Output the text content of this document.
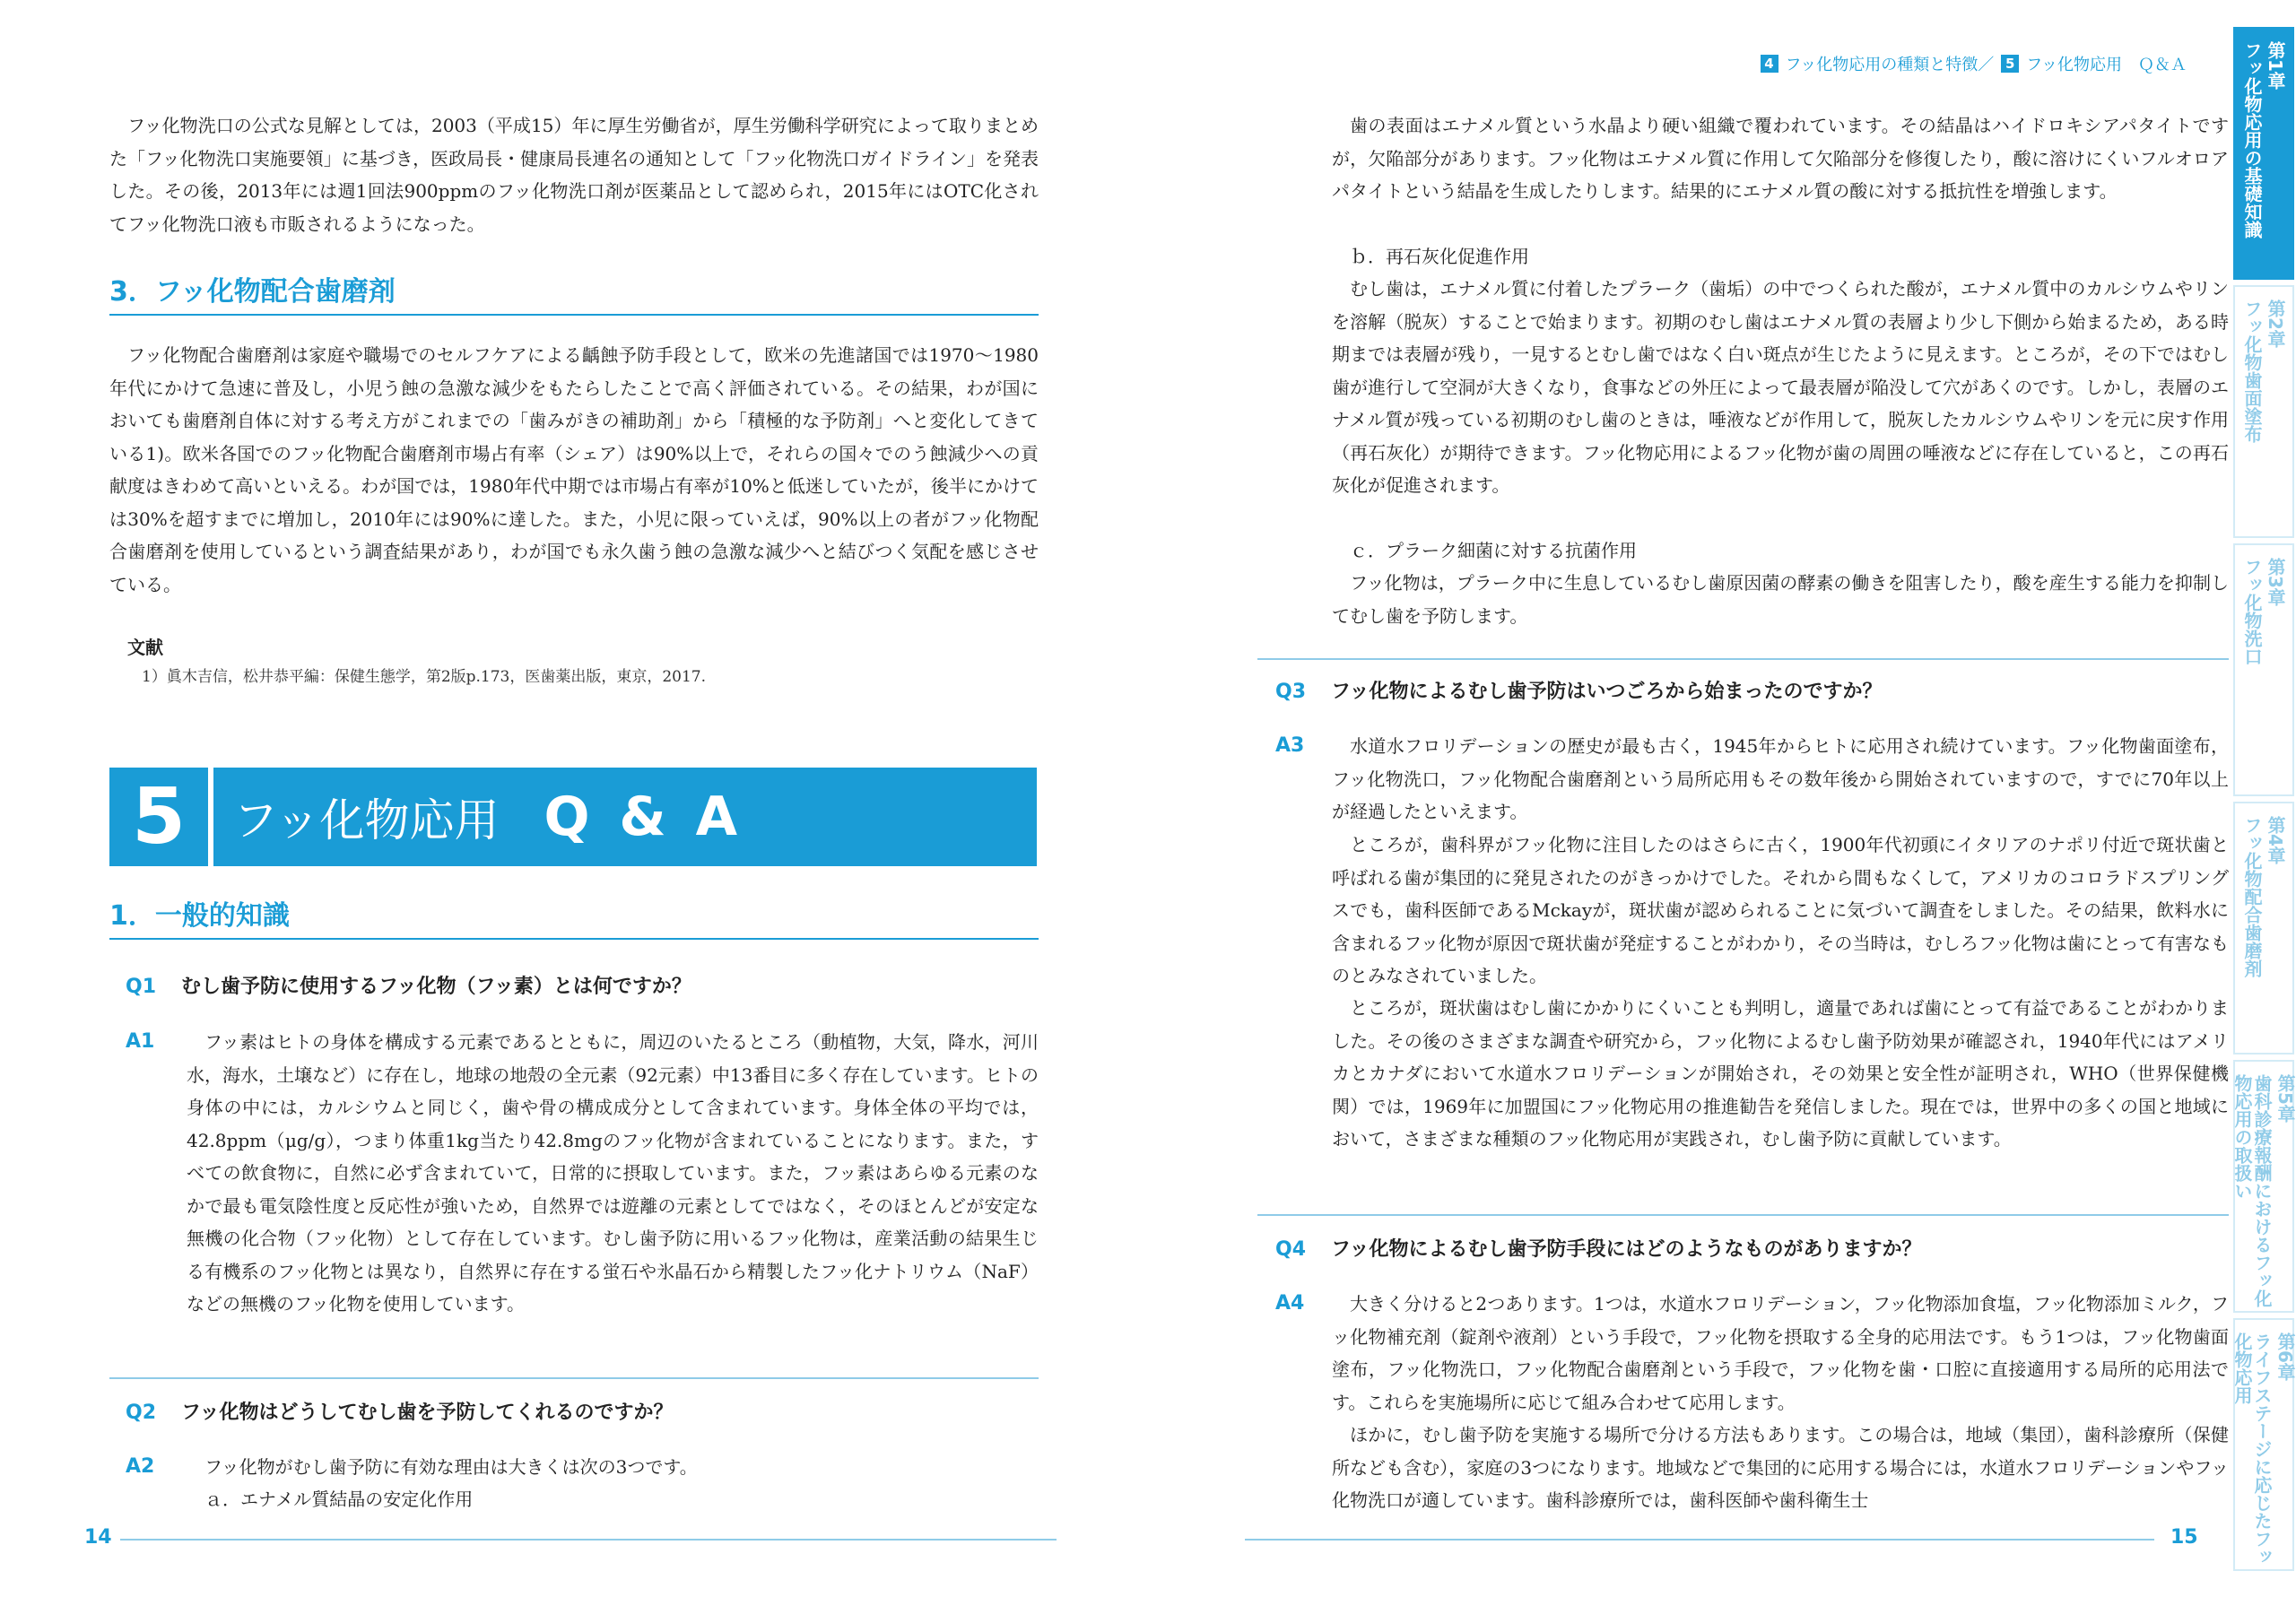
フッ化物洗口の公式な見解としては，2003（平成15）年に厚生労働省が，厚生労働科学研究によって取りまとめた「フッ化物洗口実施要領」に基づき，医政局長・健康局長連名の通知として「フッ化物洗口ガイドライン」を発表した。その後，2013年には週1回法900ppmのフッ化物洗口剤が医薬品として認められ，2015年にはOTC化されてフッ化物洗口液も市販されるようになった。

3．フッ化物配合歯磨剤

フッ化物配合歯磨剤は家庭や職場でのセルフケアによる齲蝕予防手段として，欧米の先進諸国では1970〜1980年代にかけて急速に普及し，小児う蝕の急激な減少をもたらしたことで高く評価されている。その結果，わが国においても歯磨剤自体に対する考え方がこれまでの「歯みがきの補助剤」から「積極的な予防剤」へと変化してきている1)。欧米各国でのフッ化物配合歯磨剤市場占有率（シェア）は90%以上で，それらの国々でのう蝕減少への貢献度はきわめて高いといえる。わが国では，1980年代中期では市場占有率が10%と低迷していたが，後半にかけては30%を超すまでに増加し，2010年には90%に達した。また，小児に限っていえば，90%以上の者がフッ化物配合歯磨剤を使用しているという調査結果があり，わが国でも永久歯う蝕の急激な減少へと結びつく気配を感じさせている。

文献
1）眞木吉信，松井恭平編：保健生態学，第2版p.173，医歯薬出版，東京，2017.
5	フッ化物応用 Q & A
1．一般的知識
Q1 むし歯予防に使用するフッ化物（フッ素）とは何ですか？
A1	フッ素はヒトの身体を構成する元素であるとともに，周辺のいたるところ（動植物，大気，降水，河川水，海水，土壌など）に存在し，地球の地殻の全元素（92元素）中13番目に多く存在しています。ヒトの身体の中には，カルシウムと同じく，歯や骨の構成成分として含まれています。身体全体の平均では，42.8ppm（μg/g），つまり体重1kg当たり42.8mgのフッ化物が含まれていることになります。また，すべての飲食物に，自然に必ず含まれていて，日常的に摂取しています。また，フッ素はあらゆる元素のなかで最も電気陰性度と反応性が強いため，自然界では遊離の元素としてではなく，そのほとんどが安定な無機の化合物（フッ化物）として存在しています。むし歯予防に用いるフッ化物は，産業活動の結果生じる有機系のフッ化物とは異なり，自然界に存在する蛍石や氷晶石から精製したフッ化ナトリウム（NaF）などの無機のフッ化物を使用しています。

Q2 フッ化物はどうしてむし歯を予防してくれるのですか？
A2	フッ化物がむし歯予防に有効な理由は大きくは次の3つです。

ａ．エナメル質結晶の安定化作用

14
4 フッ化物応用の種類と特徴／ 5 フッ化物応用　Ｑ＆Ａ

歯の表面はエナメル質という水晶より硬い組織で覆われています。その結晶はハイドロキシアパタイトですが，欠陥部分があります。フッ化物はエナメル質に作用して欠陥部分を修復したり，酸に溶けにくいフルオロアパタイトという結晶を生成したりします。結果的にエナメル質の酸に対する抵抗性を増強します。

ｂ．再石灰化促進作用

むし歯は，エナメル質に付着したプラーク（歯垢）の中でつくられた酸が，エナメル質中のカルシウムやリンを溶解（脱灰）することで始まります。初期のむし歯はエナメル質の表層より少し下側から始まるため，ある時期までは表層が残り，一見するとむし歯ではなく白い斑点が生じたように見えます。ところが，その下ではむし歯が進行して空洞が大きくなり，食事などの外圧によって最表層が陥没して穴があくのです。しかし，表層のエナメル質が残っている初期のむし歯のときは，唾液などが作用して，脱灰したカルシウムやリンを元に戻す作用（再石灰化）が期待できます。フッ化物応用によるフッ化物が歯の周囲の唾液などに存在していると，この再石灰化が促進されます。

ｃ．プラーク細菌に対する抗菌作用

フッ化物は，プラーク中に生息しているむし歯原因菌の酵素の働きを阻害したり，酸を産生する能力を抑制してむし歯を予防します。

Q3 フッ化物によるむし歯予防はいつごろから始まったのですか？
A3	水道水フロリデーションの歴史が最も古く，1945年からヒトに応用され続けています。フッ化物歯面塗布，フッ化物洗口，フッ化物配合歯磨剤という局所応用もその数年後から開始されていますので，すでに70年以上が経過したといえます。

ところが，歯科界がフッ化物に注目したのはさらに古く，1900年代初頭にイタリアのナポリ付近で斑状歯と呼ばれる歯が集団的に発見されたのがきっかけでした。それから間もなくして，アメリカのコロラドスプリングスでも，歯科医師であるMckayが，斑状歯が認められることに気づいて調査をしました。その結果，飲料水に含まれるフッ化物が原因で斑状歯が発症することがわかり，その当時は，むしろフッ化物は歯にとって有害なものとみなされていました。

ところが，斑状歯はむし歯にかかりにくいことも判明し，適量であれば歯にとって有益であることがわかりました。その後のさまざまな調査や研究から，フッ化物によるむし歯予防効果が確認され，1940年代にはアメリカとカナダにおいて水道水フロリデーションが開始され，その効果と安全性が証明され，WHO（世界保健機関）では，1969年に加盟国にフッ化物応用の推進勧告を発信しました。現在では，世界中の多くの国と地域において，さまざまな種類のフッ化物応用が実践され，むし歯予防に貢献しています。

Q4 フッ化物によるむし歯予防手段にはどのようなものがありますか？
A4	大きく分けると2つあります。1つは，水道水フロリデーション，フッ化物添加食塩，フッ化物添加ミルク，フッ化物補充剤（錠剤や液剤）という手段で，フッ化物を摂取する全身的応用法です。もう1つは，フッ化物歯面塗布，フッ化物洗口，フッ化物配合歯磨剤という手段で，フッ化物を歯・口腔に直接適用する局所的応用法です。これらを実施場所に応じて組み合わせて応用します。

ほかに，むし歯予防を実施する場所で分ける方法もあります。この場合は，地域（集団），歯科診療所（保健所なども含む），家庭の3つになります。地域などで集団的に応用する場合には，水道水フロリデーションやフッ化物洗口が適しています。歯科診療所では，歯科医師や歯科衛生士

15
第1章
フッ化物応用の基礎知識
第2章
フッ化物歯面塗布
第3章
フッ化物洗口
第4章
フッ化物配合歯磨剤
第5章
歯科診療報酬におけるフッ化物応用の取扱い
第6章
ライフステージに応じたフッ化物応用
